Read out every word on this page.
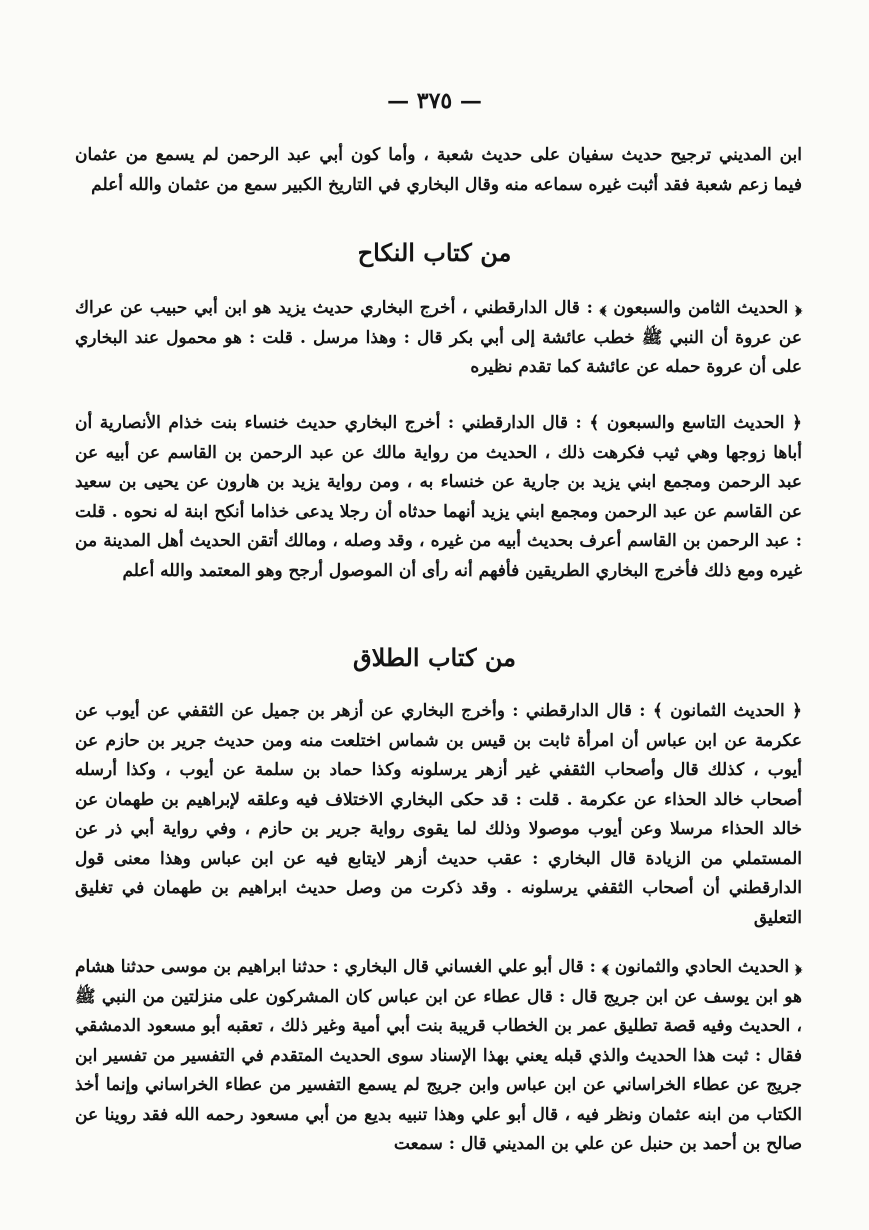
— ٣٧٥ —

ابن المديني ترجيح حديث سفيان على حديث شعبة ، وأما كون أبي عبد الرحمن لم يسمع من عثمان فيما زعم شعبة فقد أثبت غيره سماعه منه وقال البخاري في التاريخ الكبير سمع من عثمان والله أعلم

من كتاب النكاح

﴿ الحديث الثامن والسبعون ﴾ : قال الدارقطني ، أخرج البخاري حديث يزيد هو ابن أبي حبيب عن عراك عن عروة أن النبي ﷺ خطب عائشة إلى أبي بكر قال : وهذا مرسل . قلت : هو محمول عند البخاري على أن عروة حمله عن عائشة كما تقدم نظيره

﴿ الحديث التاسع والسبعون ﴾ : قال الدارقطني : أخرج البخاري حديث خنساء بنت خذام الأنصارية أن أباها زوجها وهي ثيب فكرهت ذلك ، الحديث من رواية مالك عن عبد الرحمن بن القاسم عن أبيه عن عبد الرحمن ومجمع ابني يزيد بن جارية عن خنساء به ، ومن رواية يزيد بن هارون عن يحيى بن سعيد عن القاسم عن عبد الرحمن ومجمع ابني يزيد أنهما حدثاه أن رجلا يدعى خذاما أنكح ابنة له نحوه . قلت : عبد الرحمن بن القاسم أعرف بحديث أبيه من غيره ، وقد وصله ، ومالك أتقن الحديث أهل المدينة من غيره ومع ذلك فأخرج البخاري الطريقين فأفهم أنه رأى أن الموصول أرجح وهو المعتمد والله أعلم

من كتاب الطلاق

﴿ الحديث الثمانون ﴾ : قال الدارقطني : وأخرج البخاري عن أزهر بن جميل عن الثقفي عن أيوب عن عكرمة عن ابن عباس أن امرأة ثابت بن قيس بن شماس اختلعت منه ومن حديث جرير بن حازم عن أيوب ، كذلك قال وأصحاب الثقفي غير أزهر يرسلونه وكذا حماد بن سلمة عن أيوب ، وكذا أرسله أصحاب خالد الحذاء عن عكرمة . قلت : قد حكى البخاري الاختلاف فيه وعلقه لإبراهيم بن طهمان عن خالد الحذاء مرسلا وعن أيوب موصولا وذلك لما يقوى رواية جرير بن حازم ، وفي رواية أبي ذر عن المستملي من الزيادة قال البخاري : عقب حديث أزهر لايتابع فيه عن ابن عباس وهذا معنى قول الدارقطني أن أصحاب الثقفي يرسلونه . وقد ذكرت من وصل حديث ابراهيم بن طهمان في تغليق التعليق

﴿ الحديث الحادي والثمانون ﴾ : قال أبو علي الغساني قال البخاري : حدثنا ابراهيم بن موسى حدثنا هشام هو ابن يوسف عن ابن جريج قال : قال عطاء عن ابن عباس كان المشركون على منزلتين من النبي ﷺ ، الحديث وفيه قصة تطليق عمر بن الخطاب قريبة بنت أبي أمية وغير ذلك ، تعقبه أبو مسعود الدمشقي فقال : ثبت هذا الحديث والذي قبله يعني بهذا الإسناد سوى الحديث المتقدم في التفسير من تفسير ابن جريج عن عطاء الخراساني عن ابن عباس وابن جريج لم يسمع التفسير من عطاء الخراساني وإنما أخذ الكتاب من ابنه عثمان ونظر فيه ، قال أبو علي وهذا تنبيه بديع من أبي مسعود رحمه الله فقد روينا عن صالح بن أحمد بن حنبل عن علي بن المديني قال : سمعت
